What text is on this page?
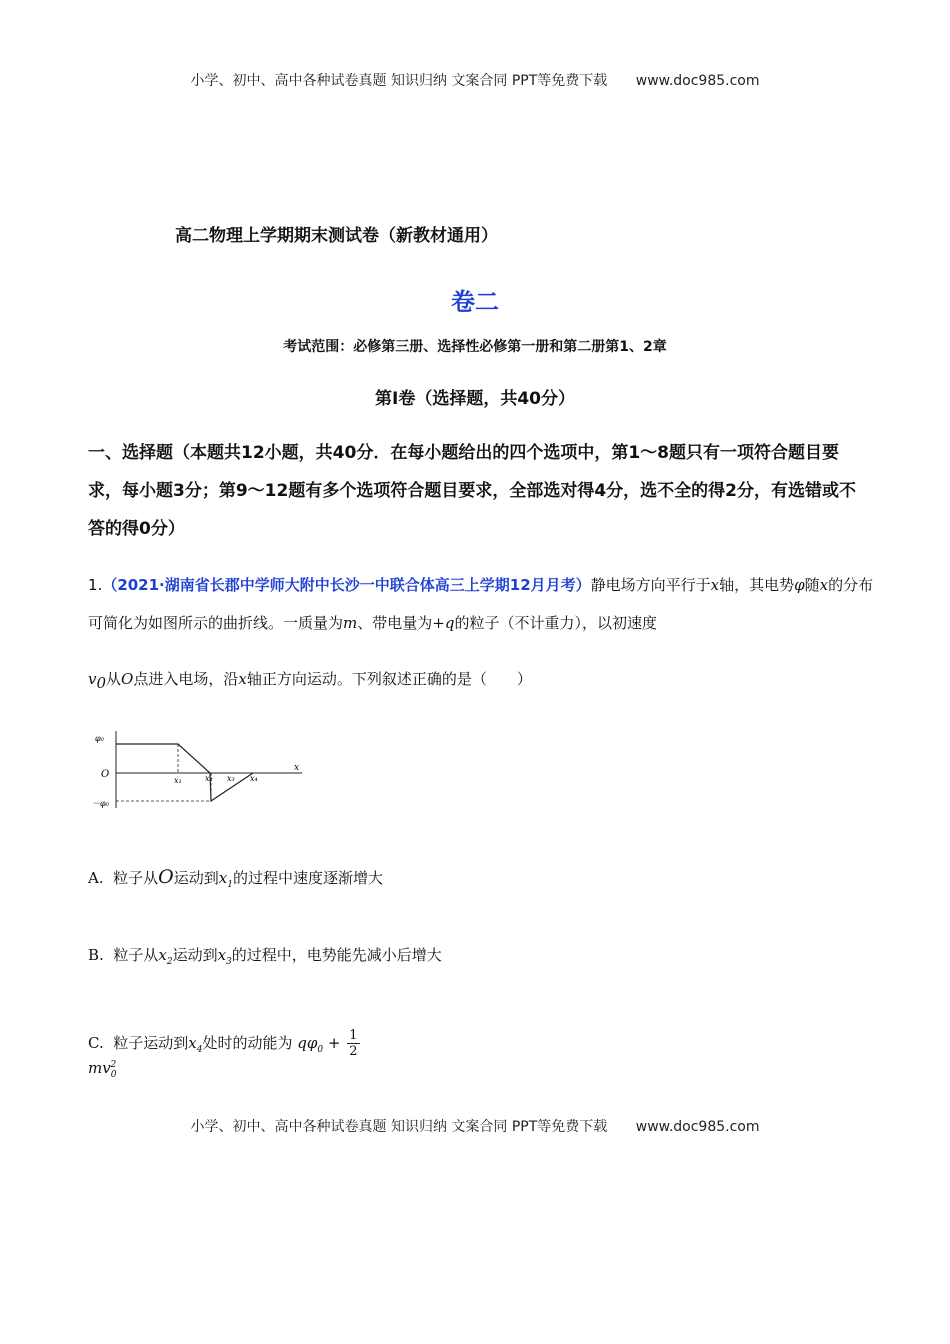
小学、初中、高中各种试卷真题 知识归纳 文案合同 PPT等免费下载 www.doc985.com
高二物理上学期期末测试卷（新教材通用）
卷二
考试范围：必修第三册、选择性必修第一册和第二册第1、2章
第Ⅰ卷（选择题，共40分）
一、选择题（本题共12小题，共40分．在每小题给出的四个选项中，第1～8题只有一项符合题目要求，每小题3分；第9～12题有多个选项符合题目要求，全部选对得4分，选不全的得2分，有选错或不答的得0分）
1.（2021·湖南省长郡中学师大附中长沙一中联合体高三上学期12月月考）静电场方向平行于x轴，其电势φ随x的分布可简化为如图所示的曲折线。一质量为m、带电量为+q的粒子（不计重力），以初速度
$v_0$从O点进入电场，沿x轴正方向运动。下列叙述正确的是（　　）
φ₀
O
－φ₀
x
x₁	x₂ x₃ x₄
A. 粒子从O运动到$x_1$的过程中速度逐渐增大
B. 粒子从$x_2$运动到$x_3$的过程中，电势能先减小后增大
C. 粒子运动到$x_4$处时的动能为 $q\varphi_0 + \frac{1}{2}$
$mv_0^2$
小学、初中、高中各种试卷真题 知识归纳 文案合同 PPT等免费下载 www.doc985.com
